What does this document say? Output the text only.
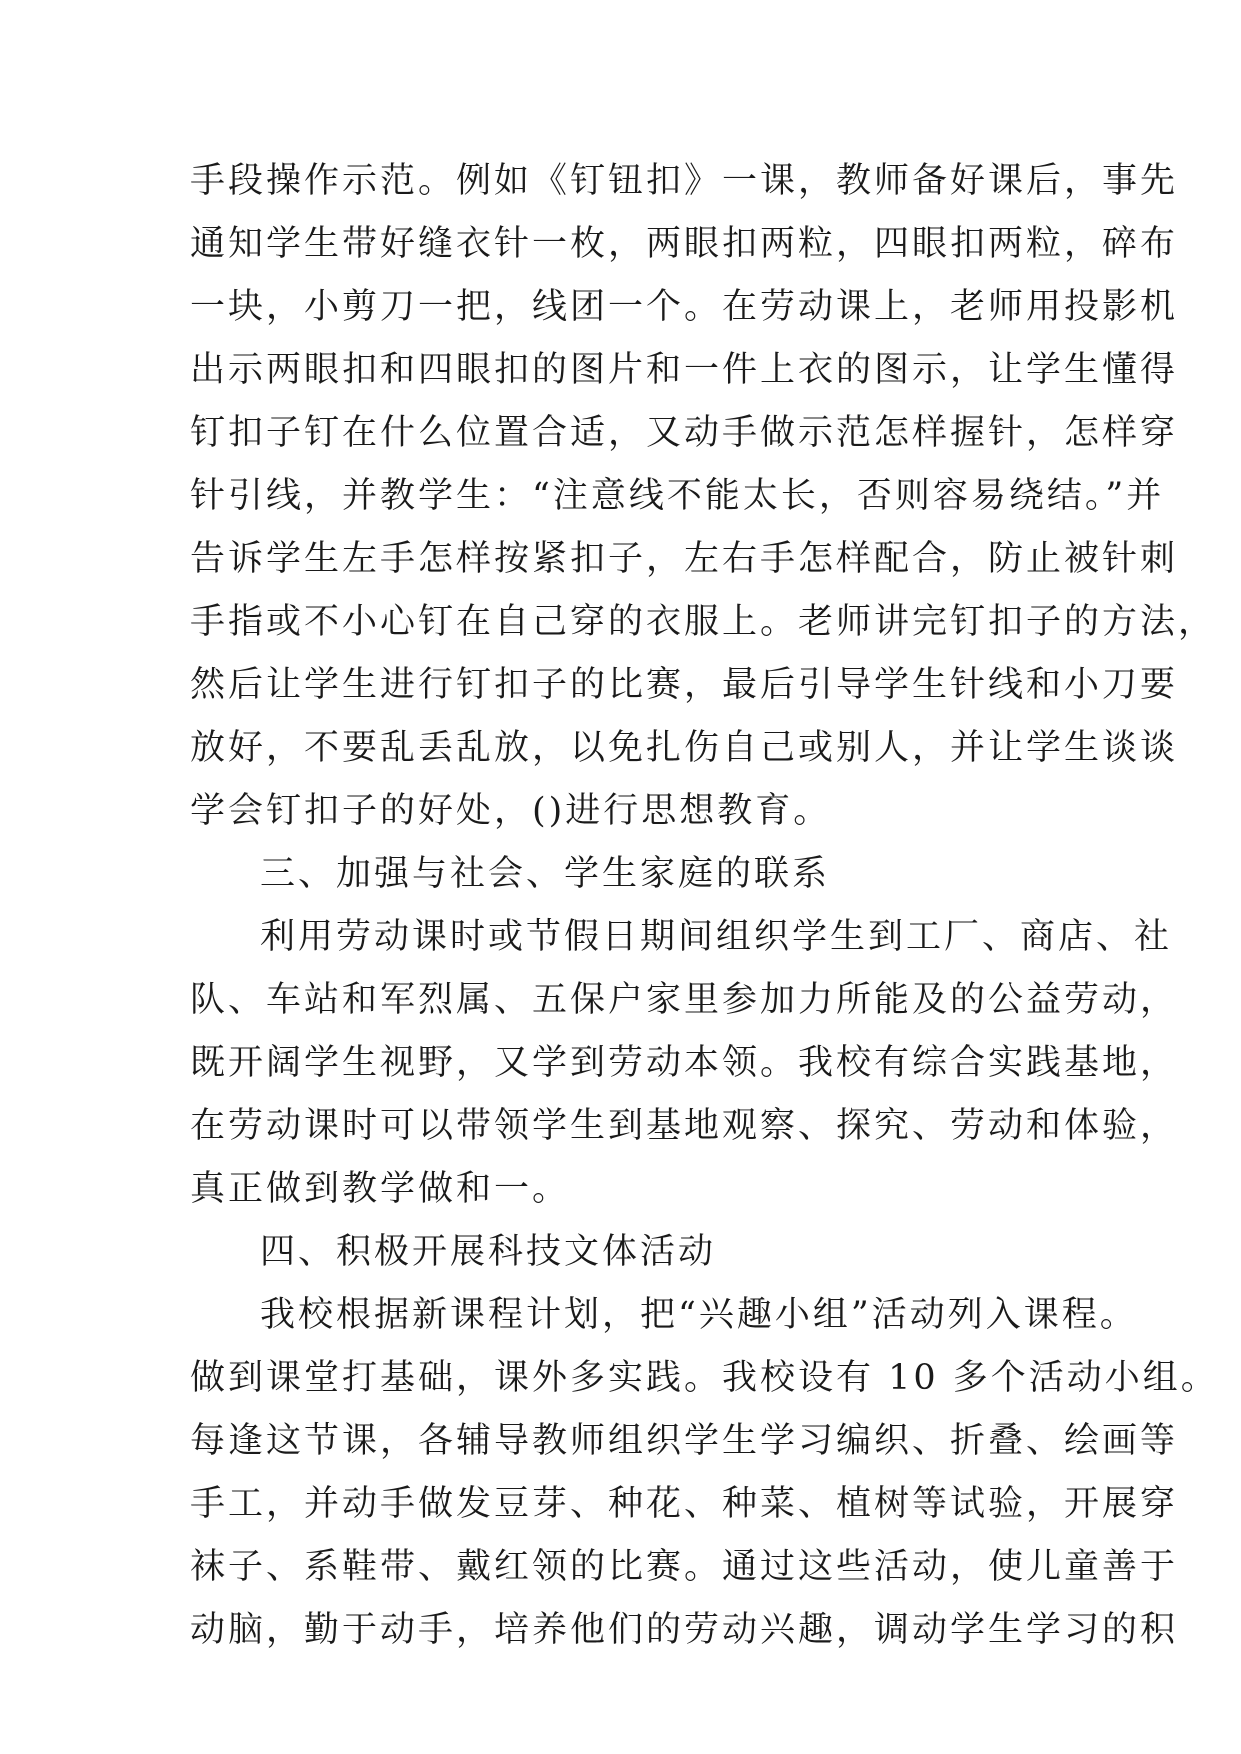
手段操作示范。例如《钉钮扣》一课，教师备好课后，事先
通知学生带好缝衣针一枚，两眼扣两粒，四眼扣两粒，碎布
一块，小剪刀一把，线团一个。在劳动课上，老师用投影机
出示两眼扣和四眼扣的图片和一件上衣的图示，让学生懂得
钉扣子钉在什么位置合适，又动手做示范怎样握针，怎样穿
针引线，并教学生：“注意线不能太长，否则容易绕结。”并
告诉学生左手怎样按紧扣子，左右手怎样配合，防止被针刺
手指或不小心钉在自己穿的衣服上。老师讲完钉扣子的方法，
然后让学生进行钉扣子的比赛，最后引导学生针线和小刀要
放好，不要乱丢乱放，以免扎伤自己或别人，并让学生谈谈
学会钉扣子的好处，()进行思想教育。
三、加强与社会、学生家庭的联系
利用劳动课时或节假日期间组织学生到工厂、商店、社
队、车站和军烈属、五保户家里参加力所能及的公益劳动，
既开阔学生视野，又学到劳动本领。我校有综合实践基地，
在劳动课时可以带领学生到基地观察、探究、劳动和体验，
真正做到教学做和一。
四、积极开展科技文体活动
我校根据新课程计划，把“兴趣小组”活动列入课程。
做到课堂打基础，课外多实践。我校设有 10 多个活动小组。
每逢这节课，各辅导教师组织学生学习编织、折叠、绘画等
手工，并动手做发豆芽、种花、种菜、植树等试验，开展穿
袜子、系鞋带、戴红领的比赛。通过这些活动，使儿童善于
动脑，勤于动手，培养他们的劳动兴趣，调动学生学习的积
